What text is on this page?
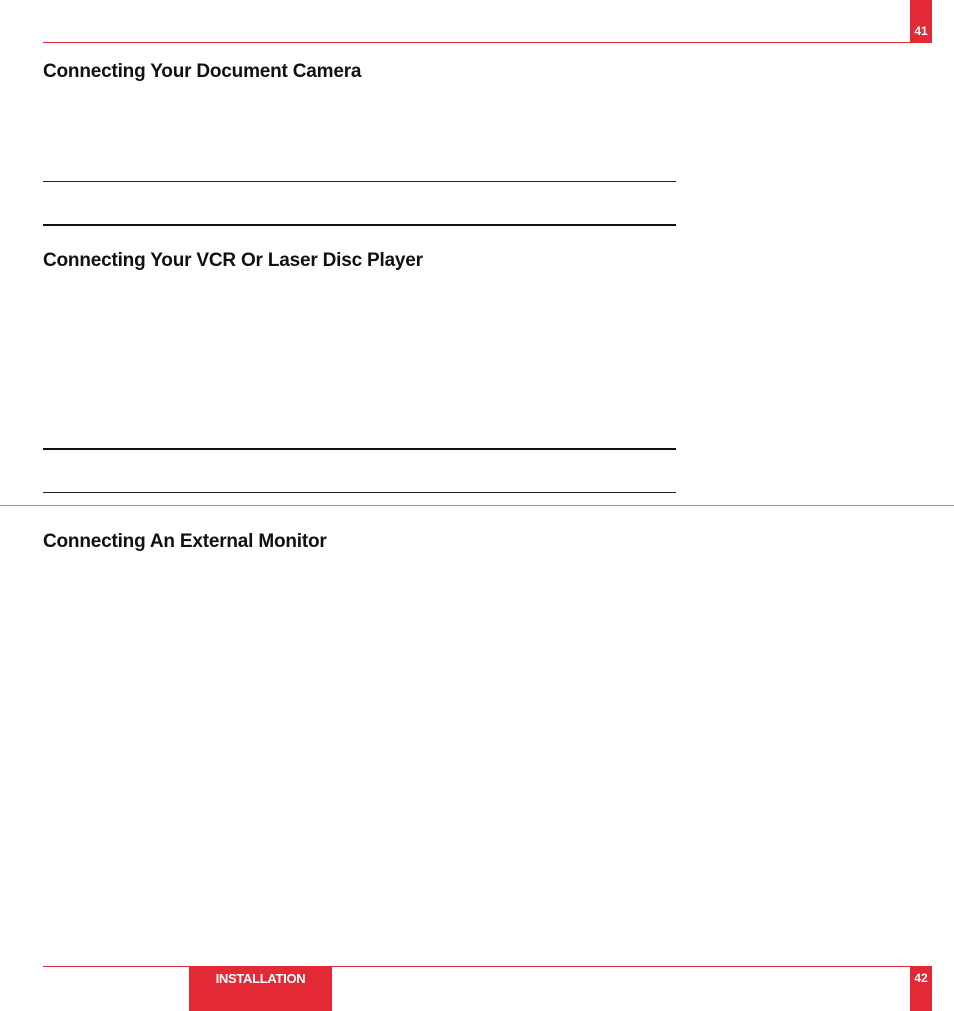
41
Connecting Your Document Camera
Connecting Your VCR Or Laser Disc Player
Connecting An External Monitor
INSTALLATION	42
